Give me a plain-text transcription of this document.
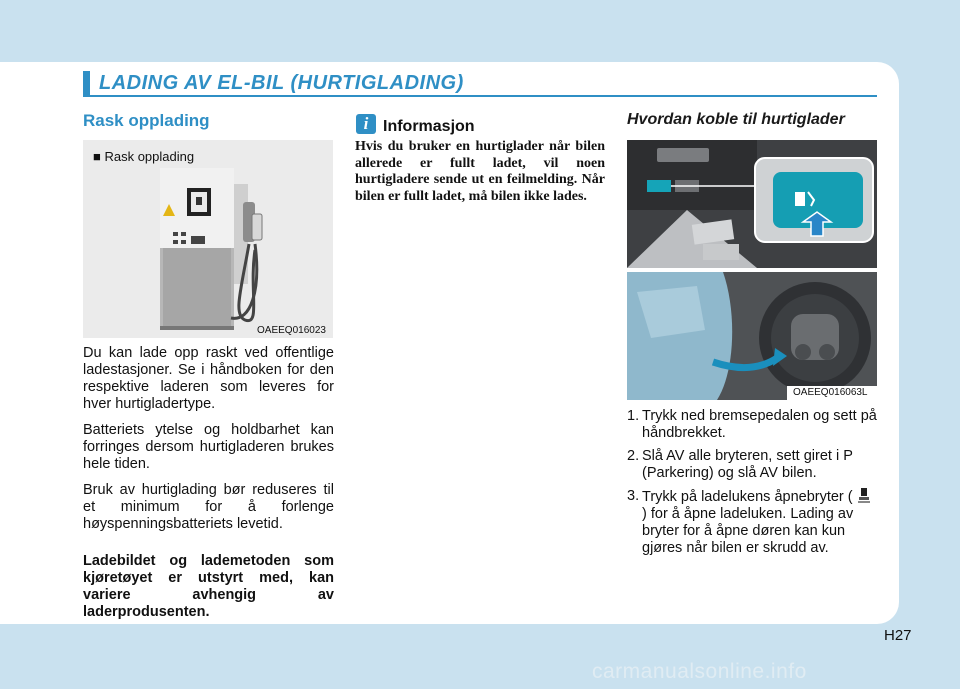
LADING AV EL-BIL (HURTIGLADING)
Rask opplading
■ Rask opplading
OAEEQ016023

Du kan lade opp raskt ved offentlige ladestasjoner. Se i håndboken for den respektive laderen som leveres for hver hurtigladertype.

Batteriets ytelse og holdbarhet kan forringes dersom hurtigladeren brukes hele tiden.

Bruk av hurtiglading bør reduseres til et minimum for å forlenge høyspenningsbatteriets levetid.

Ladebildet og lademetoden som kjøretøyet er utstyrt med, kan variere avhengig av laderprodusenten.

i Informasjon
Hvis du bruker en hurtiglader når bilen allerede er fullt ladet, vil noen hurtigladere sende ut en feilmelding. Når bilen er fullt ladet, må bilen ikke lades.
Hvordan koble til hurtiglader
OAEEQ016063L
1. Trykk ned bremsepedalen og sett på håndbrekket.
2. Slå AV alle bryteren, sett giret i P (Parkering) og slå AV bilen.
3. Trykk på ladelukens åpnebryter (  ) for å åpne ladeluken. Lading av bryter for å åpne døren kan kun gjøres når bilen er skrudd av.
H27
carmanualsonline.info
